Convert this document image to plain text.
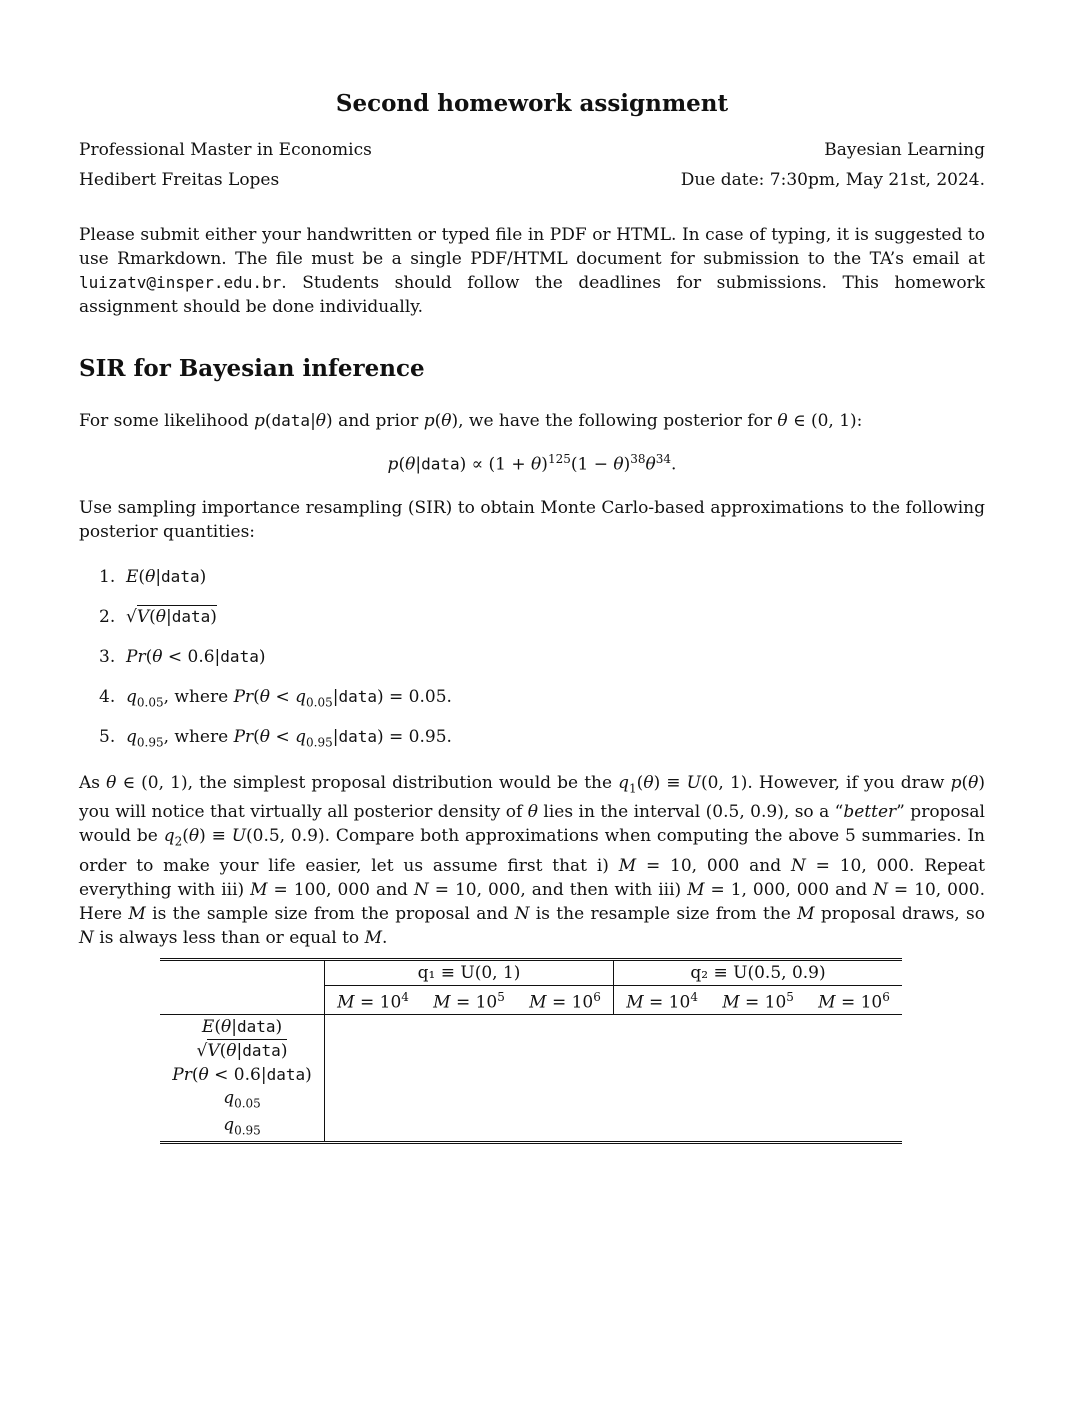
Second homework assignment
Professional Master in Economics	Bayesian Learning
Hedibert Freitas Lopes	Due date: 7:30pm, May 21st, 2024.
Please submit either your handwritten or typed file in PDF or HTML. In case of typing, it is suggested to use Rmarkdown. The file must be a single PDF/HTML document for submission to the TA’s email at luizatv@insper.edu.br. Students should follow the deadlines for submissions. This homework assignment should be done individually.
SIR for Bayesian inference
For some likelihood p(data|θ) and prior p(θ), we have the following posterior for θ ∈ (0, 1):
p(θ|data) ∝ $(1 + \theta)^{125}(1 - \theta)^{38}\theta^{34}$.
Use sampling importance resampling (SIR) to obtain Monte Carlo-based approximations to the following posterior quantities:
1. E(θ|data)
2. √V(θ|data)
3. Pr(θ < 0.6|data)
4. $q_{0.05}$, where $Pr(\theta < q_{0.05}|data) = 0.05$.
5. $q_{0.95}$, where $Pr(\theta < q_{0.95}|data) = 0.95$.
As θ ∈ (0, 1), the simplest proposal distribution would be the $q_1(\theta) \equiv U(0$, 1). However, if you draw p(θ) you will notice that virtually all posterior density of θ lies in the interval (0.5, 0.9), so a “better” proposal would be $q_2(\theta) \equiv U(0.5$, 0.9). Compare both approximations when computing the above 5 summaries. In order to make your life easier, let us assume first that i) M = 10, 000 and N = 10, 000. Repeat everything with iii) M = 100, 000 and N = 10, 000, and then with iii) M = 1, 000, 000 and N = 10, 000. Here M is the sample size from the proposal and N is the resample size from the M proposal draws, so N is always less than or equal to M.
	q₁ ≡ U(0, 1)			q₂ ≡ U(0.5, 0.9)		
	$M = 10^4$	$M = 10^5$	$M = 10^6$	$M = 10^4$	$M = 10^5$	$M = 10^6$
E(θ|data)						
√V(θ|data)						
Pr(θ < 0.6|data)						
$q_{0.05}$						
$q_{0.95}$						
